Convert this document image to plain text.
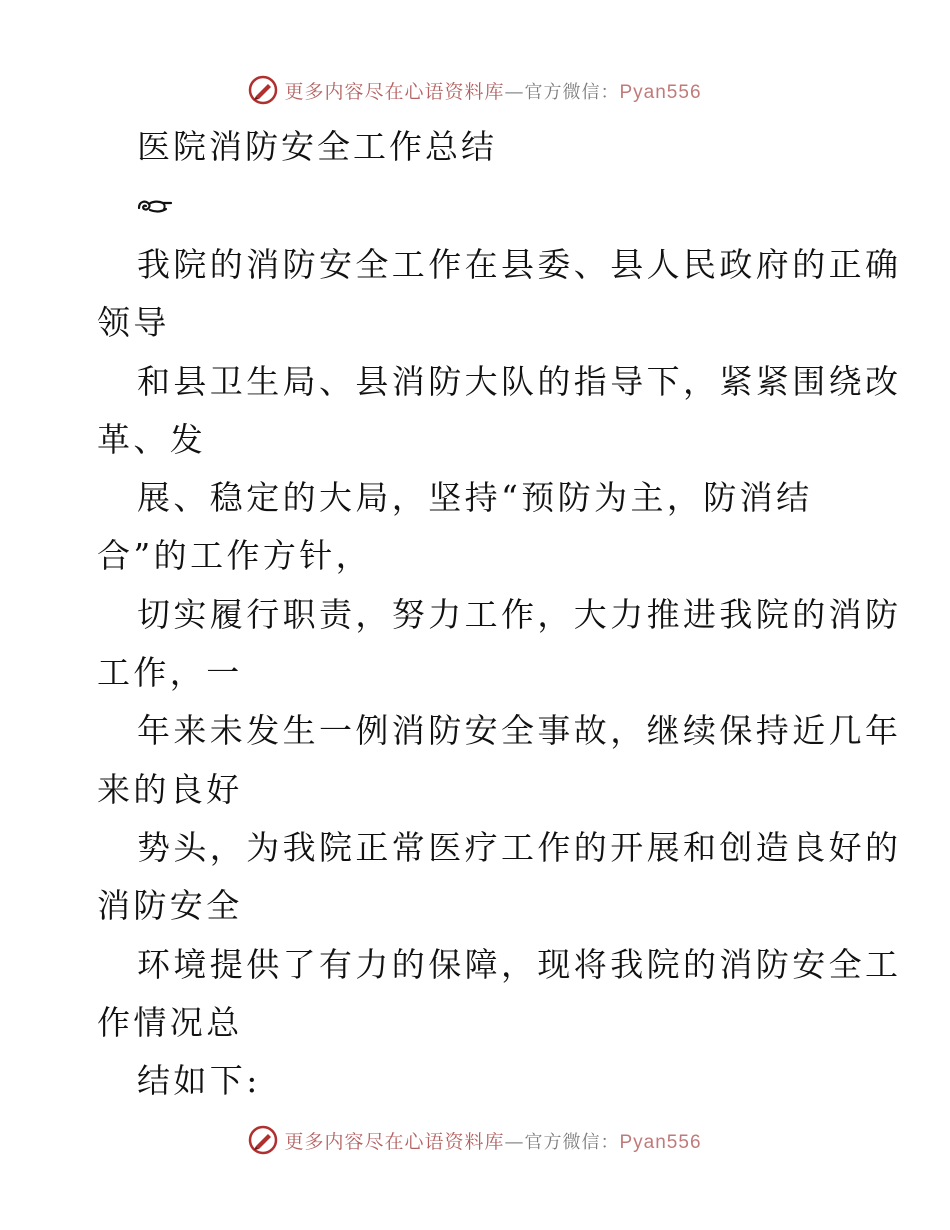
更多内容尽在心语资料库—官方微信：Pyan556
医院消防安全工作总结
我院的消防安全工作在县委、县人民政府的正确
领导
和县卫生局、县消防大队的指导下，紧紧围绕改
革、发
展、稳定的大局，坚持“预防为主，防消结
合”的工作方针，
切实履行职责，努力工作，大力推进我院的消防
工作，一
年来未发生一例消防安全事故，继续保持近几年
来的良好
势头，为我院正常医疗工作的开展和创造良好的
消防安全
环境提供了有力的保障，现将我院的消防安全工
作情况总
结如下:
更多内容尽在心语资料库—官方微信：Pyan556
